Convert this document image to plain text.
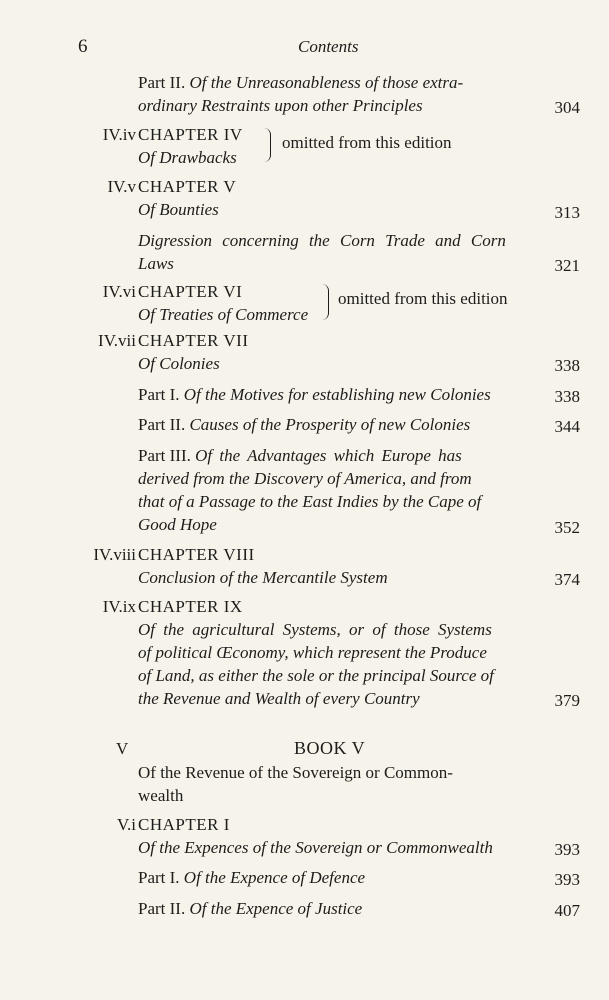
6	Contents
Part II. Of the Unreasonableness of those extra-
ordinary Restraints upon other Principles	304
IV.iv CHAPTER IV
Of Drawbacks
omitted from this edition
IV.v CHAPTER V
Of Bounties	313
Digression concerning the Corn Trade and Corn
Laws	321
IV.vi CHAPTER VI
Of Treaties of Commerce
omitted from this edition
IV.vii CHAPTER VII
Of Colonies	338
Part I. Of the Motives for establishing new Colonies	338
Part II. Causes of the Prosperity of new Colonies	344
Part III. Of the Advantages which Europe has
derived from the Discovery of America, and from
that of a Passage to the East Indies by the Cape of
Good Hope	352
IV.viii CHAPTER VIII
Conclusion of the Mercantile System	374
IV.ix CHAPTER IX
Of the agricultural Systems, or of those Systems
of political Œconomy, which represent the Produce
of Land, as either the sole or the principal Source of
the Revenue and Wealth of every Country	379
V	BOOK V
Of the Revenue of the Sovereign or Common-
wealth
V.i CHAPTER I
Of the Expences of the Sovereign or Commonwealth	393
Part I. Of the Expence of Defence	393
Part II. Of the Expence of Justice	407
